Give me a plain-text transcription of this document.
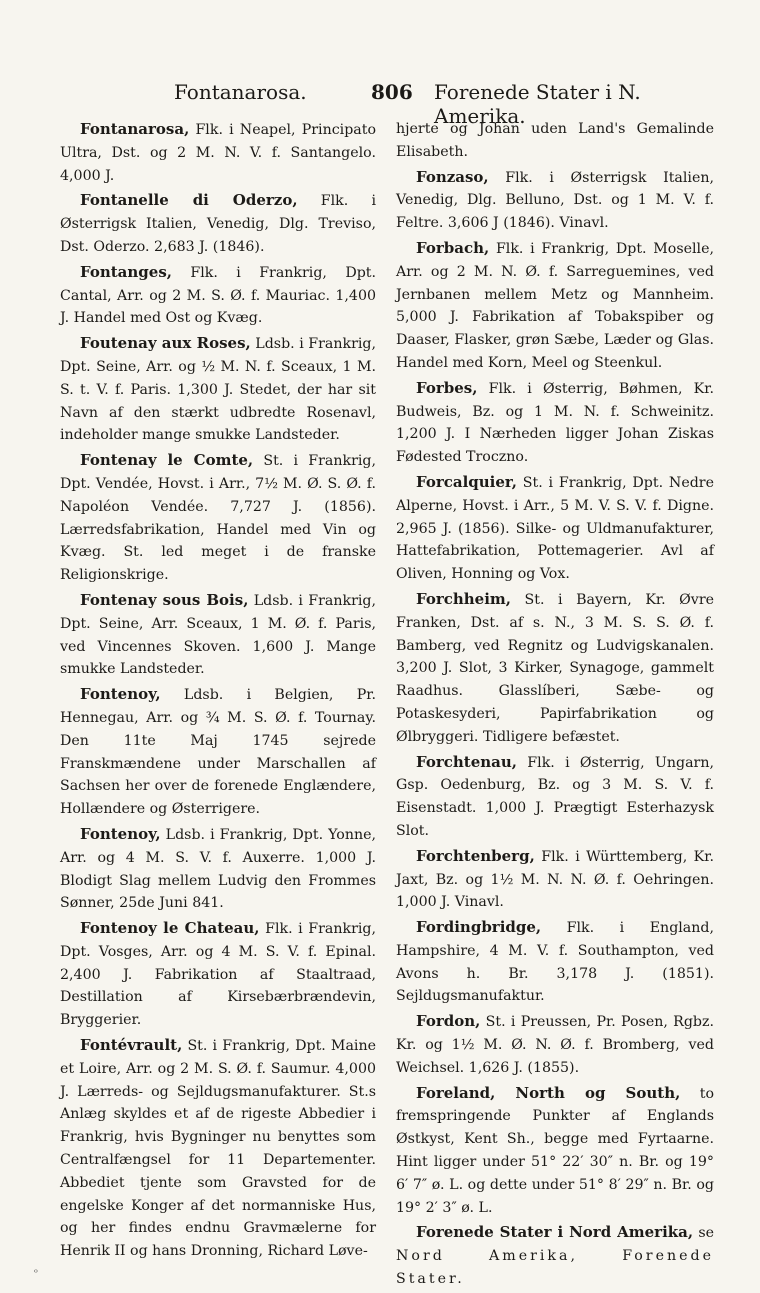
Fontanarosa.	806 Forenede Stater i N. Amerika.

Fontanarosa, Flk. i Neapel, Principato Ultra, Dst. og 2 M. N. V. f. Santangelo. 4,000 J.

Fontanelle di Oderzo, Flk. i Østerrigsk Italien, Venedig, Dlg. Treviso, Dst. Oderzo. 2,683 J. (1846).

Fontanges, Flk. i Frankrig, Dpt. Cantal, Arr. og 2 M. S. Ø. f. Mauriac. 1,400 J. Handel med Ost og Kvæg.

Foutenay aux Roses, Ldsb. i Frankrig, Dpt. Seine, Arr. og ½ M. N. f. Sceaux, 1 M. S. t. V. f. Paris. 1,300 J. Stedet, der har sit Navn af den stærkt udbredte Rosenavl, indeholder mange smukke Landsteder.

Fontenay le Comte, St. i Frankrig, Dpt. Vendée, Hovst. i Arr., 7½ M. Ø. S. Ø. f. Napoléon Vendée. 7,727 J. (1856). Lærredsfabrikation, Handel med Vin og Kvæg. St. led meget i de franske Religionskrige.

Fontenay sous Bois, Ldsb. i Frankrig, Dpt. Seine, Arr. Sceaux, 1 M. Ø. f. Paris, ved Vincennes Skoven. 1,600 J. Mange smukke Landsteder.

Fontenoy, Ldsb. i Belgien, Pr. Hennegau, Arr. og ¾ M. S. Ø. f. Tournay. Den 11te Maj 1745 sejrede Franskmændene under Marschallen af Sachsen her over de forenede Englændere, Hollændere og Østerrigere.

Fontenoy, Ldsb. i Frankrig, Dpt. Yonne, Arr. og 4 M. S. V. f. Auxerre. 1,000 J. Blodigt Slag mellem Ludvig den Frommes Sønner, 25de Juni 841.

Fontenoy le Chateau, Flk. i Frankrig, Dpt. Vosges, Arr. og 4 M. S. V. f. Epinal. 2,400 J. Fabrikation af Staaltraad, Destillation af Kirsebærbrændevin, Bryggerier.

Fontévrault, St. i Frankrig, Dpt. Maine et Loire, Arr. og 2 M. S. Ø. f. Saumur. 4,000 J. Lærreds- og Sejldugsmanufakturer. St.s Anlæg skyldes et af de rigeste Abbedier i Frankrig, hvis Bygninger nu benyttes som Centralfængsel for 11 Departementer. Abbediet tjente som Gravsted for de engelske Konger af det normanniske Hus, og her findes endnu Gravmælerne for Henrik II og hans Dronning, Richard Løve-

hjerte og Johan uden Land's Gemalinde Elisabeth.

Fonzaso, Flk. i Østerrigsk Italien, Venedig, Dlg. Belluno, Dst. og 1 M. V. f. Feltre. 3,606 J (1846). Vinavl.

Forbach, Flk. i Frankrig, Dpt. Moselle, Arr. og 2 M. N. Ø. f. Sarreguemines, ved Jernbanen mellem Metz og Mannheim. 5,000 J. Fabrikation af Tobakspiber og Daaser, Flasker, grøn Sæbe, Læder og Glas. Handel med Korn, Meel og Steenkul.

Forbes, Flk. i Østerrig, Bøhmen, Kr. Budweis, Bz. og 1 M. N. f. Schweinitz. 1,200 J. I Nærheden ligger Johan Ziskas Fødested Troczno.

Forcalquier, St. i Frankrig, Dpt. Nedre Alperne, Hovst. i Arr., 5 M. V. S. V. f. Digne. 2,965 J. (1856). Silke- og Uldmanufakturer, Hattefabrikation, Pottemagerier. Avl af Oliven, Honning og Vox.

Forchheim, St. i Bayern, Kr. Øvre Franken, Dst. af s. N., 3 M. S. S. Ø. f. Bamberg, ved Regnitz og Ludvigskanalen. 3,200 J. Slot, 3 Kirker, Synagoge, gammelt Raadhus. Glasslíberi, Sæbe- og Potaskesyderi, Papirfabrikation og Ølbryggeri. Tidligere befæstet.

Forchtenau, Flk. i Østerrig, Ungarn, Gsp. Oedenburg, Bz. og 3 M. S. V. f. Eisenstadt. 1,000 J. Prægtigt Esterhazysk Slot.

Forchtenberg, Flk. i Württemberg, Kr. Jaxt, Bz. og 1½ M. N. N. Ø. f. Oehringen. 1,000 J. Vinavl.

Fordingbridge, Flk. i England, Hampshire, 4 M. V. f. Southampton, ved Avons h. Br. 3,178 J. (1851). Sejldugsmanufaktur.

Fordon, St. i Preussen, Pr. Posen, Rgbz. Kr. og 1½ M. Ø. N. Ø. f. Bromberg, ved Weichsel. 1,626 J. (1855).

Foreland, North og South, to fremspringende Punkter af Englands Østkyst, Kent Sh., begge med Fyrtaarne. Hint ligger under 51° 22′ 30″ n. Br. og 19° 6′ 7″ ø. L. og dette under 51° 8′ 29″ n. Br. og 19° 2′ 3″ ø. L.

Forenede Stater i Nord Amerika, se Nord Amerika, Forenede Stater.

ᵒ
